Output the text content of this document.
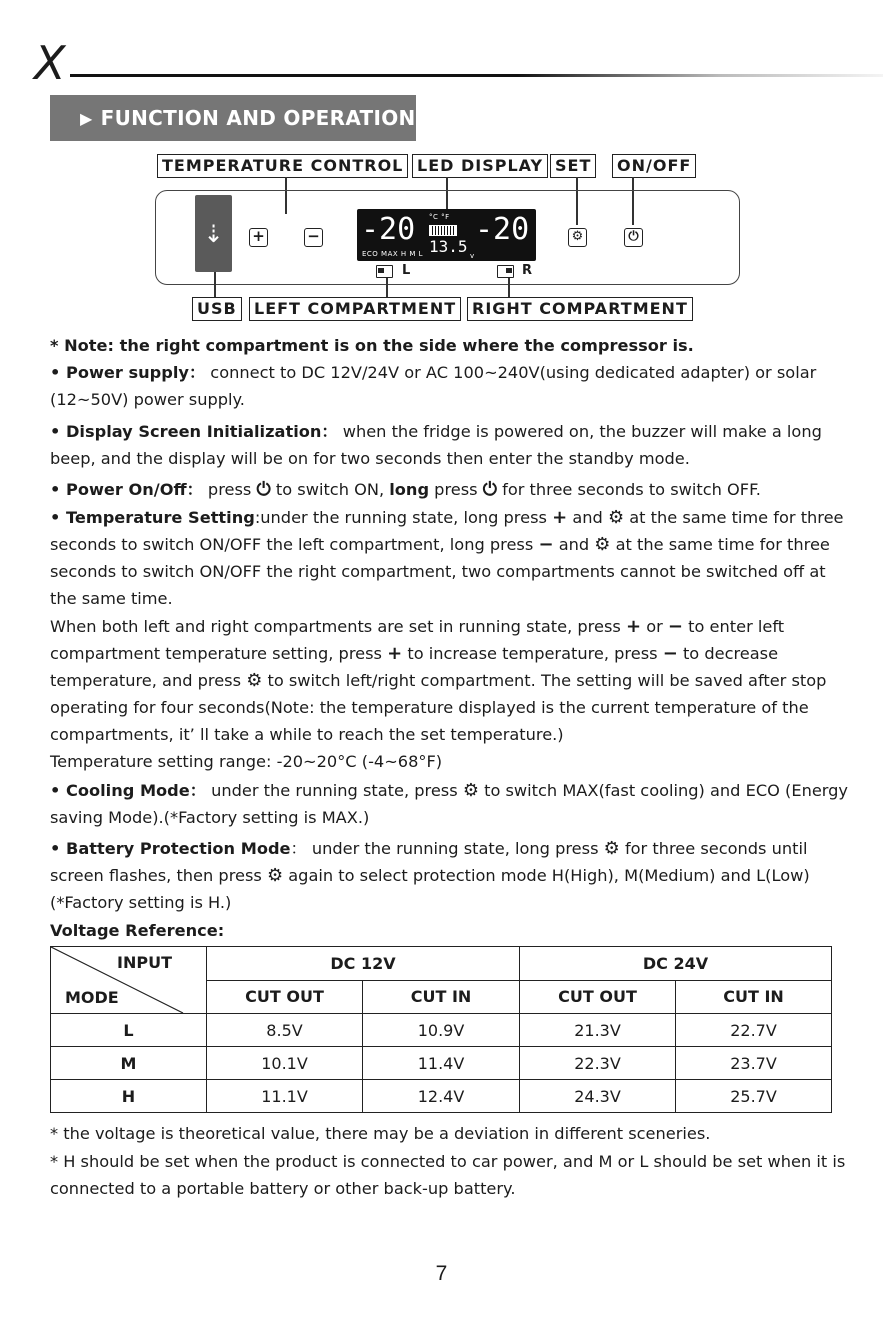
X
▶ FUNCTION AND OPERATION
TEMPERATURE CONTROL LED DISPLAY SET	ON/OFF
⇣ +	− -20 °C °F
ECO MAX H M L 13.5 v
-20	⚙	⏻
L	R
USB	LEFT COMPARTMENT RIGHT COMPARTMENT

* Note: the right compartment is on the side where the compressor is.

• Power supply： connect to DC 12V/24V or AC 100~240V(using dedicated adapter) or solar (12~50V) power supply.

• Display Screen Initialization： when the fridge is powered on, the buzzer will make a long beep, and the display will be on for two seconds then enter the standby mode.

• Power On/Off： press ⏻ to switch ON, long press ⏻ for three seconds to switch OFF.

• Temperature Setting:under the running state, long press + and ⚙ at the same time for three seconds to switch ON/OFF the left compartment, long press − and ⚙ at the same time for three seconds to switch ON/OFF the right compartment, two compartments cannot be switched off at the same time.

When both left and right compartments are set in running state, press + or − to enter left compartment temperature setting, press + to increase temperature, press − to decrease temperature, and press ⚙ to switch left/right compartment. The setting will be saved after stop operating for four seconds(Note: the temperature displayed is the current temperature of the compartments, it’ ll take a while to reach the set temperature.)

Temperature setting range: -20~20°C (-4~68°F)

• Cooling Mode： under the running state, press ⚙ to switch MAX(fast cooling) and ECO (Energy saving Mode).(*Factory setting is MAX.)

• Battery Protection Mode： under the running state, long press ⚙ for three seconds until screen flashes, then press ⚙ again to select protection mode H(High), M(Medium) and L(Low) (*Factory setting is H.)

Voltage Reference:

INPUT
MODE	DC 12V		DC 24V	
	CUT OUT	CUT IN	CUT OUT	CUT IN
L	8.5V	10.9V	21.3V	22.7V
M	10.1V	11.4V	22.3V	23.7V
H	11.1V	12.4V	24.3V	25.7V

* the voltage is theoretical value, there may be a deviation in different sceneries.

* H should be set when the product is connected to car power, and M or L should be set when it is connected to a portable battery or other back-up battery.

7
